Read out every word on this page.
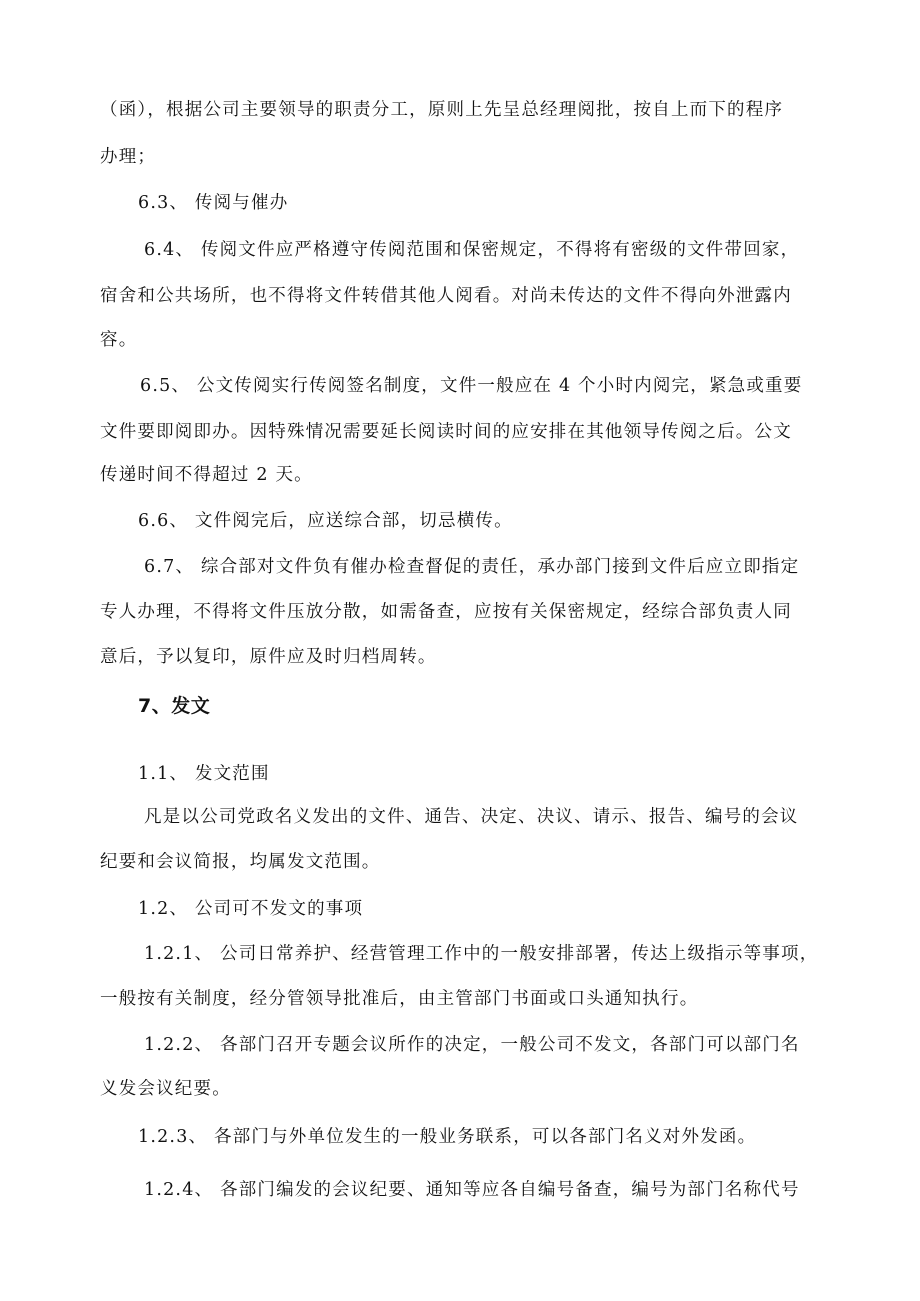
（函），根据公司主要领导的职责分工，原则上先呈总经理阅批，按自上而下的程序
办理；
6.3、 传阅与催办
6.4、 传阅文件应严格遵守传阅范围和保密规定，不得将有密级的文件带回家，
宿舍和公共场所，也不得将文件转借其他人阅看。对尚未传达的文件不得向外泄露内
容。
6.5、 公文传阅实行传阅签名制度，文件一般应在 4 个小时内阅完，紧急或重要
文件要即阅即办。因特殊情况需要延长阅读时间的应安排在其他领导传阅之后。公文
传递时间不得超过 2 天。
6.6、 文件阅完后，应送综合部，切忌横传。
6.7、 综合部对文件负有催办检查督促的责任，承办部门接到文件后应立即指定
专人办理，不得将文件压放分散，如需备查，应按有关保密规定，经综合部负责人同
意后，予以复印，原件应及时归档周转。
7、发文
1.1、 发文范围
凡是以公司党政名义发出的文件、通告、决定、决议、请示、报告、编号的会议
纪要和会议简报，均属发文范围。
1.2、 公司可不发文的事项
1.2.1、 公司日常养护、经营管理工作中的一般安排部署，传达上级指示等事项，
一般按有关制度，经分管领导批准后，由主管部门书面或口头通知执行。
1.2.2、 各部门召开专题会议所作的决定，一般公司不发文，各部门可以部门名
义发会议纪要。
1.2.3、 各部门与外单位发生的一般业务联系，可以各部门名义对外发函。
1.2.4、 各部门编发的会议纪要、通知等应各自编号备查，编号为部门名称代号
